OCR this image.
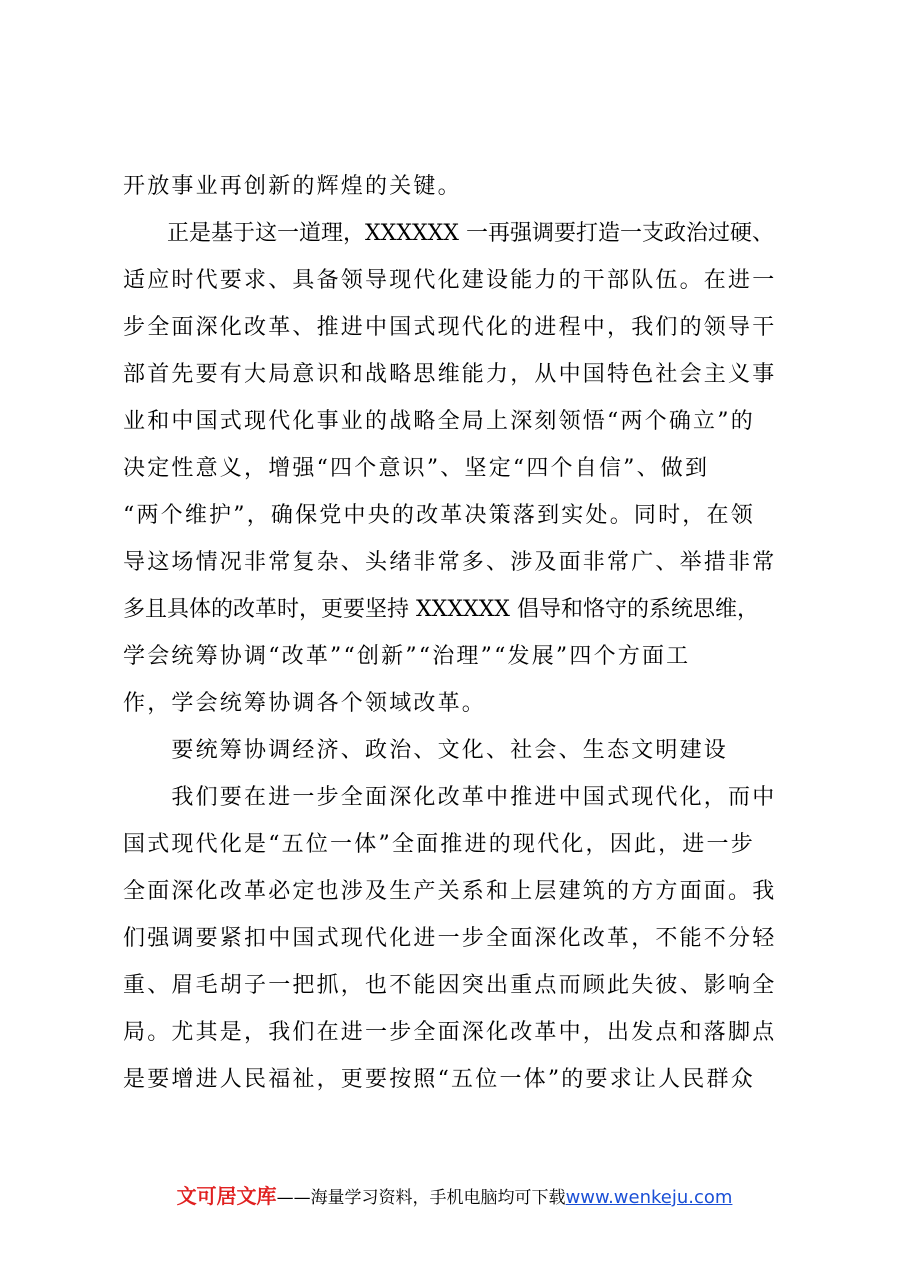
开放事业再创新的辉煌的关键。
　　正是基于这一道理，XXXXXX 一再强调要打造一支政治过硬、
适应时代要求、具备领导现代化建设能力的干部队伍。在进一
步全面深化改革、推进中国式现代化的进程中，我们的领导干
部首先要有大局意识和战略思维能力，从中国特色社会主义事
业和中国式现代化事业的战略全局上深刻领悟“两个确立”的
决定性意义，增强“四个意识”、坚定“四个自信”、做到
“两个维护”，确保党中央的改革决策落到实处。同时，在领
导这场情况非常复杂、头绪非常多、涉及面非常广、举措非常
多且具体的改革时，更要坚持 XXXXXX 倡导和恪守的系统思维，
学会统筹协调“改革”“创新”“治理”“发展”四个方面工
作，学会统筹协调各个领域改革。
　　要统筹协调经济、政治、文化、社会、生态文明建设
　　我们要在进一步全面深化改革中推进中国式现代化，而中
国式现代化是“五位一体”全面推进的现代化，因此，进一步
全面深化改革必定也涉及生产关系和上层建筑的方方面面。我
们强调要紧扣中国式现代化进一步全面深化改革，不能不分轻
重、眉毛胡子一把抓，也不能因突出重点而顾此失彼、影响全
局。尤其是，我们在进一步全面深化改革中，出发点和落脚点
是要增进人民福祉，更要按照“五位一体”的要求让人民群众
文可居文库——海量学习资料，手机电脑均可下载www.wenkeju.com
